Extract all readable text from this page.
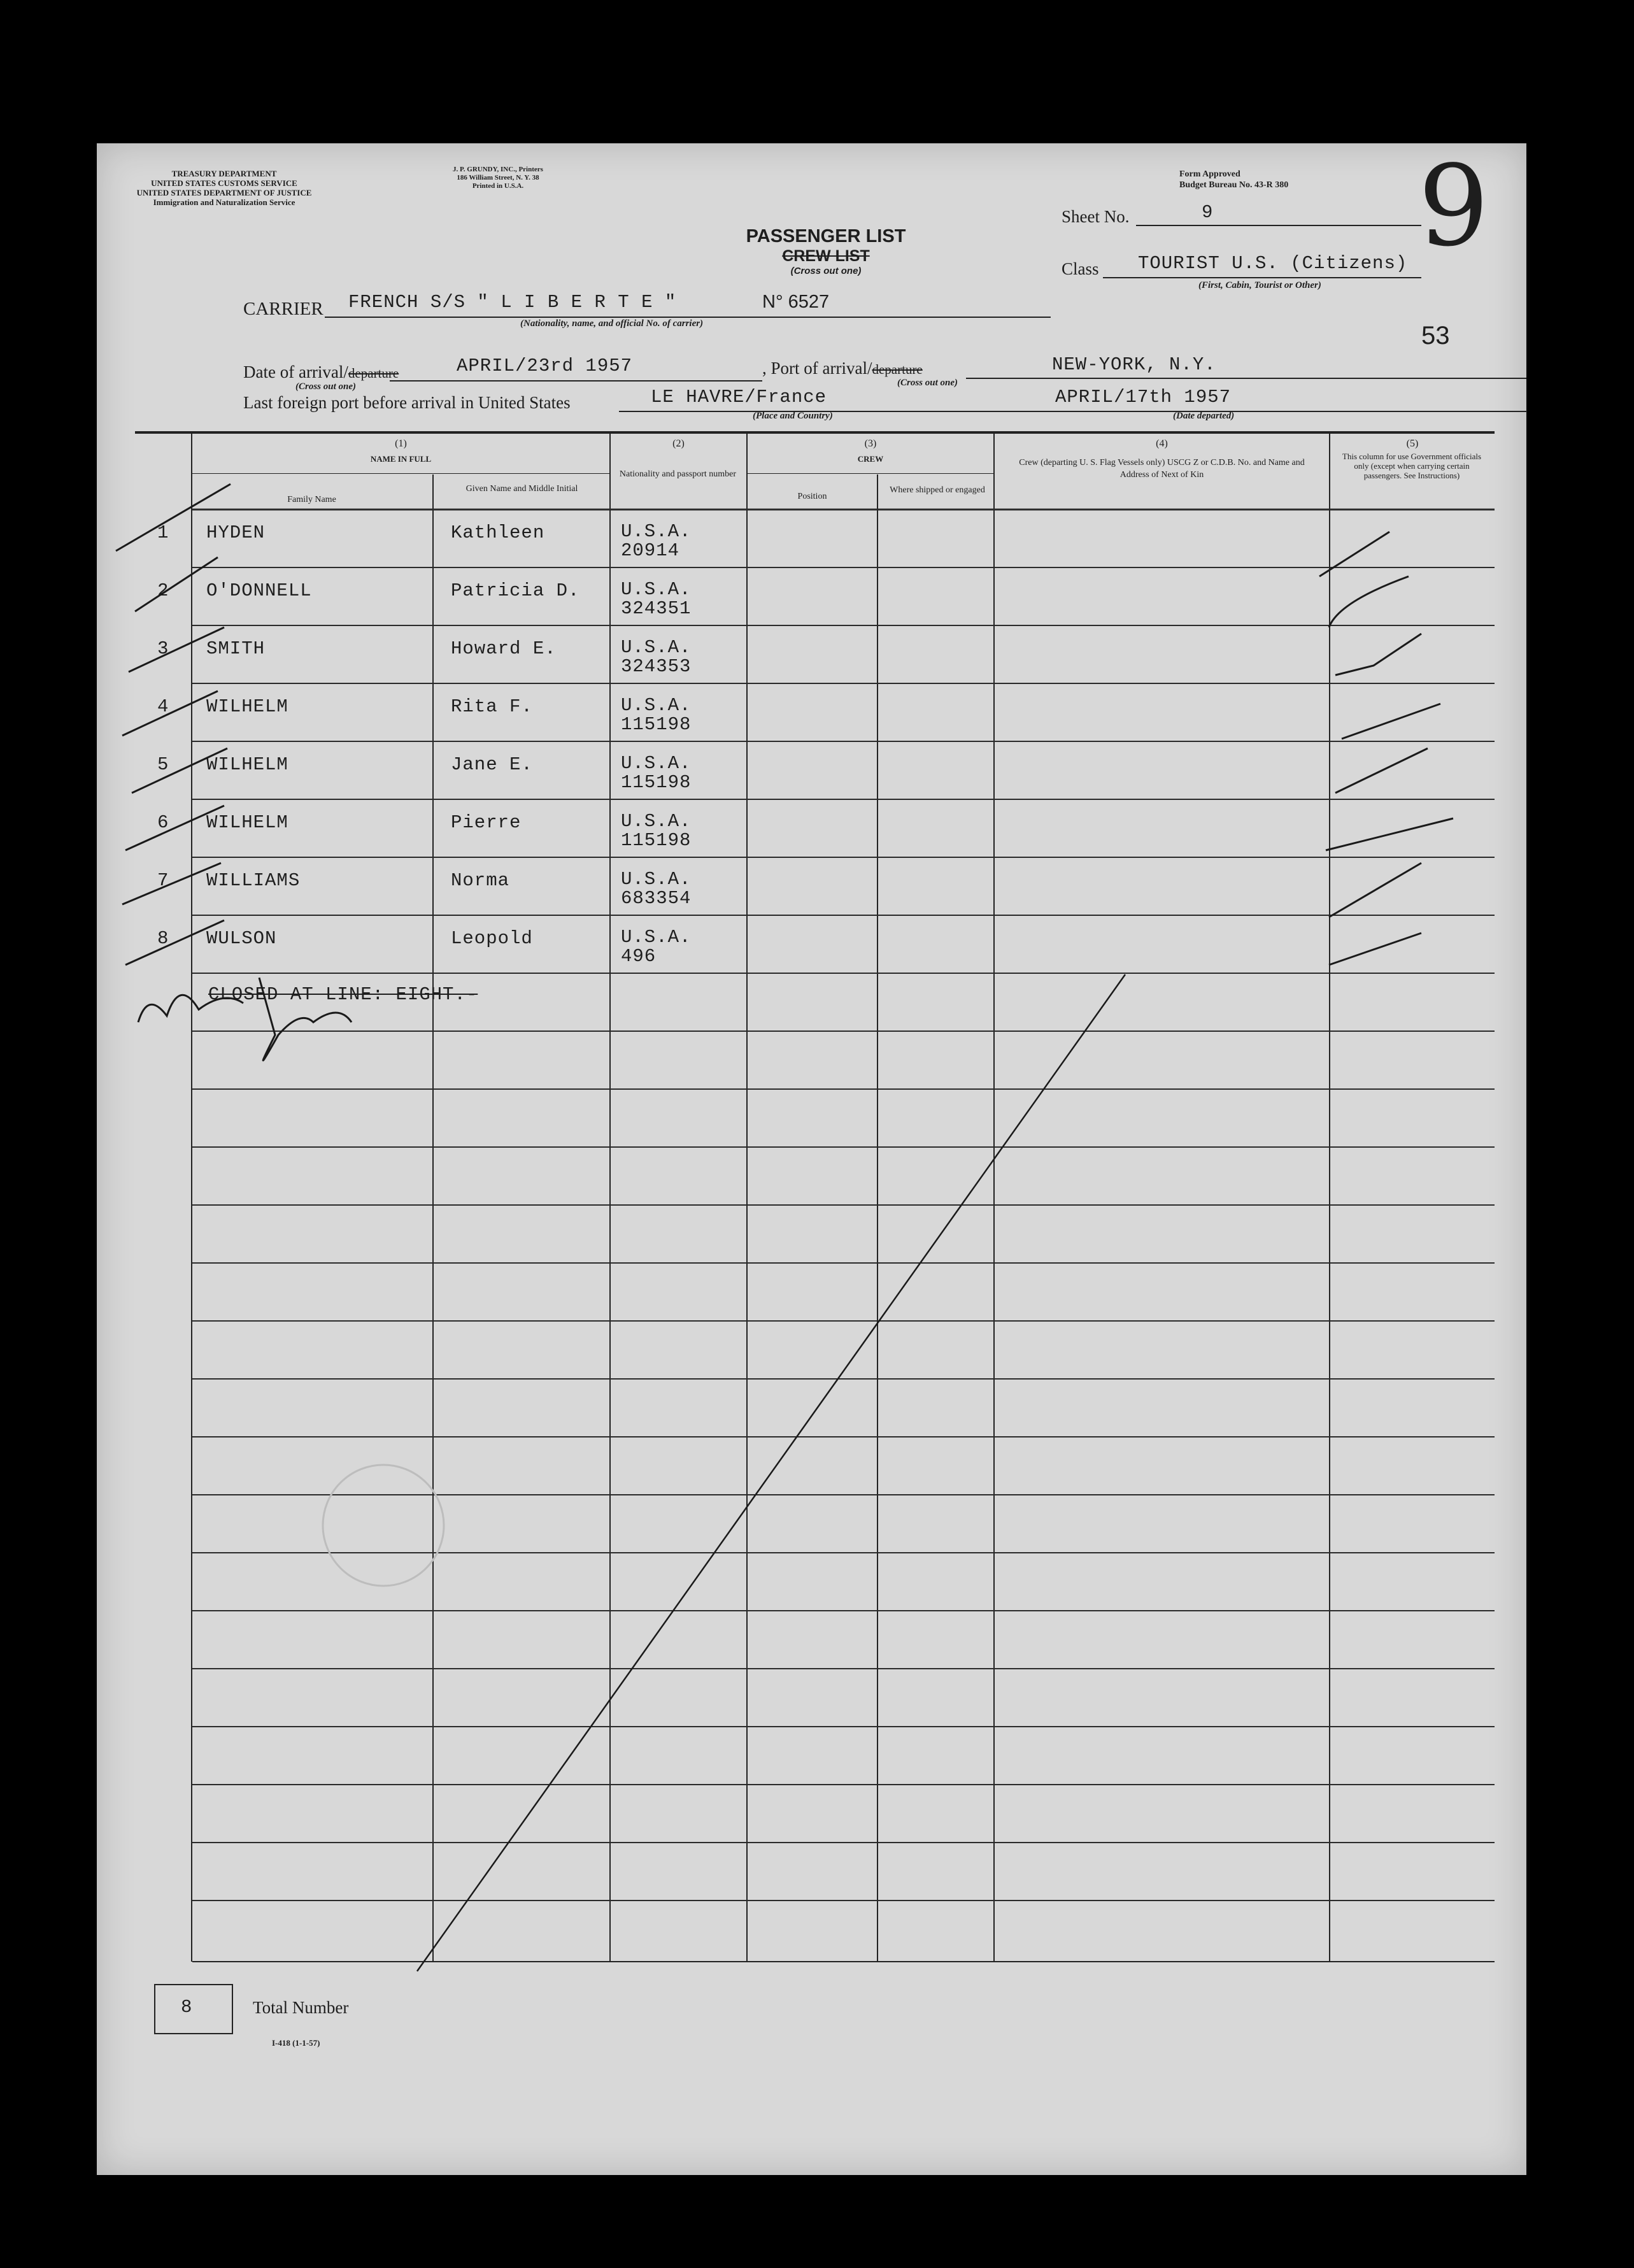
TREASURY DEPARTMENT
UNITED STATES CUSTOMS SERVICE
UNITED STATES DEPARTMENT OF JUSTICE
Immigration and Naturalization Service
J. P. GRUNDY, INC., Printers
186 William Street, N. Y. 38
Printed in U.S.A.
Form Approved
Budget Bureau No. 43-R 380 9
53
PASSENGER LIST
CREW LIST
(Cross out one)
Sheet No.	9
Class TOURIST U.S. (Citizens)
(First, Cabin, Tourist or Other)
CARRIER FRENCH S/S " L I B E R T E "	N° 6527
(Nationality, name, and official No. of carrier)
Date of arrival/departure	APRIL/23rd 1957
(Cross out one)
, Port of arrival/departure	NEW-YORK, N.Y.
(Cross out one)
Last foreign port before arrival in United States	LE HAVRE/France
(Place and Country)
APRIL/17th 1957
(Date departed)
(1)
NAME IN FULL
Family Name
Given Name and Middle Initial
(2)
Nationality and passport number
(3)
CREW
Position
Where shipped or engaged
(4)
Crew (departing U. S. Flag Vessels only) USCG Z or C.D.B. No. and Name and Address of Next of Kin
(5)
This column for use Government officials only (except when carrying certain passengers. See Instructions)
1 HYDEN	Kathleen	U.S.A.
20914
2 O'DONNELL	Patricia D. U.S.A.
324351
3 SMITH	Howard E.	U.S.A.
324353
4 WILHELM	Rita F.	U.S.A.
115198
5 WILHELM	Jane E.	U.S.A.
115198
6 WILHELM	Pierre	U.S.A.
115198
7 WILLIAMS	Norma	U.S.A.
683354
8 WULSON	Leopold	U.S.A.
496
CLOSED AT LINE: EIGHT.-
8	Total Number
I-418 (1-1-57)
